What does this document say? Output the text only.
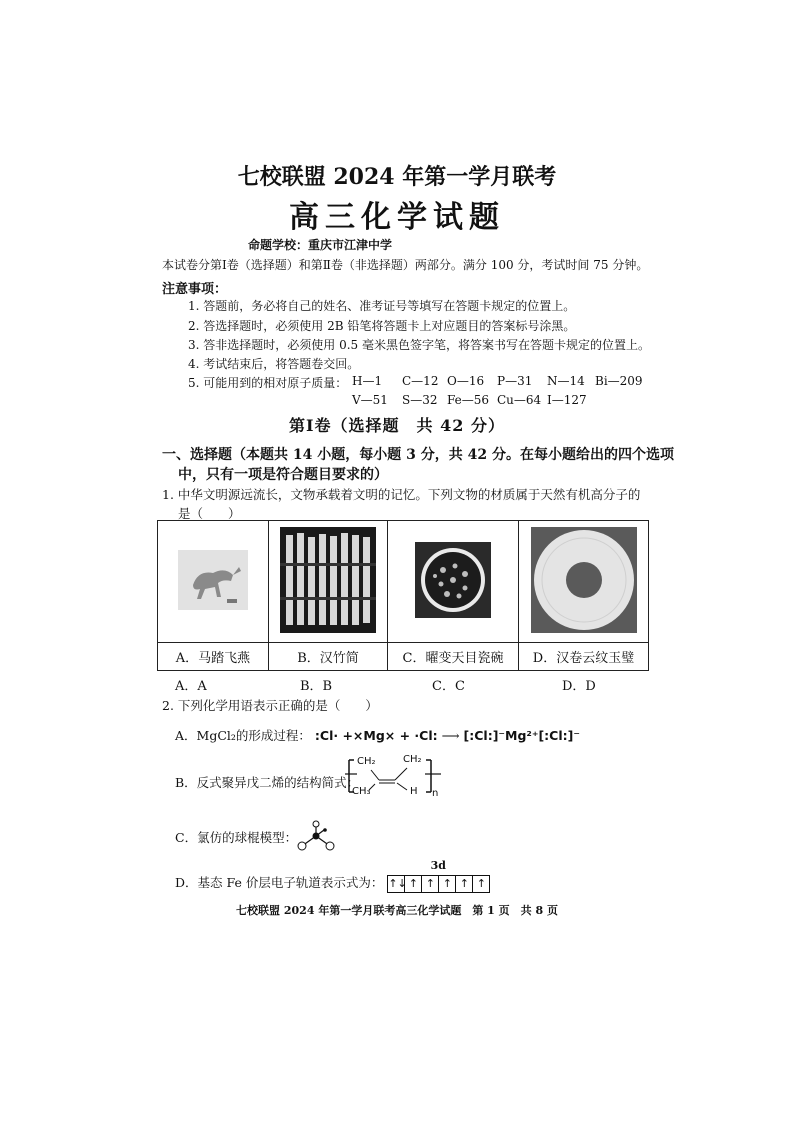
七校联盟 2024 年第一学月联考
高三化学试题
命题学校：重庆市江津中学
本试卷分第Ⅰ卷（选择题）和第Ⅱ卷（非选择题）两部分。满分 100 分，考试时间 75 分钟。
注意事项：
1. 答题前，务必将自己的姓名、准考证号等填写在答题卡规定的位置上。
2. 答选择题时，必须使用 2B 铅笔将答题卡上对应题目的答案标号涂黑。
3. 答非选择题时，必须使用 0.5 毫米黑色签字笔，将答案书写在答题卡规定的位置上。
4. 考试结束后，将答题卷交回。
5. 可能用到的相对原子质量： H—1 C—12 O—16 P—31 N—14 Bi—209
V—51 S—32 Fe—56 Cu—64 I—127
第Ⅰ卷（选择题　共 42 分）
一、选择题（本题共 14 小题，每小题 3 分，共 42 分。在每小题给出的四个选项
中，只有一项是符合题目要求的）
1. 中华文明源远流长，文物承载着文明的记忆。下列文物的材质属于天然有机高分子的
是（　　）

A．马踏飞燕	B．汉竹简	C．曜变天目瓷碗	D．汉卷云纹玉璧
A．A	B．B	C．C	D．D
2. 下列化学用语表示正确的是（　　）
A．MgCl₂的形成过程： :Cl· +×Mg× + ·Cl: ⟶ [:Cl:]⁻Mg²⁺[:Cl:]⁻
B．反式聚异戊二烯的结构简式：
CH₂	CH₂
CH₃	H n
C．氯仿的球棍模型：
D．基态 Fe 价层电子轨道表示式为：
3d
↑↓ ↑ ↑ ↑ ↑ ↑
七校联盟 2024 年第一学月联考高三化学试题　第 1 页　共 8 页
